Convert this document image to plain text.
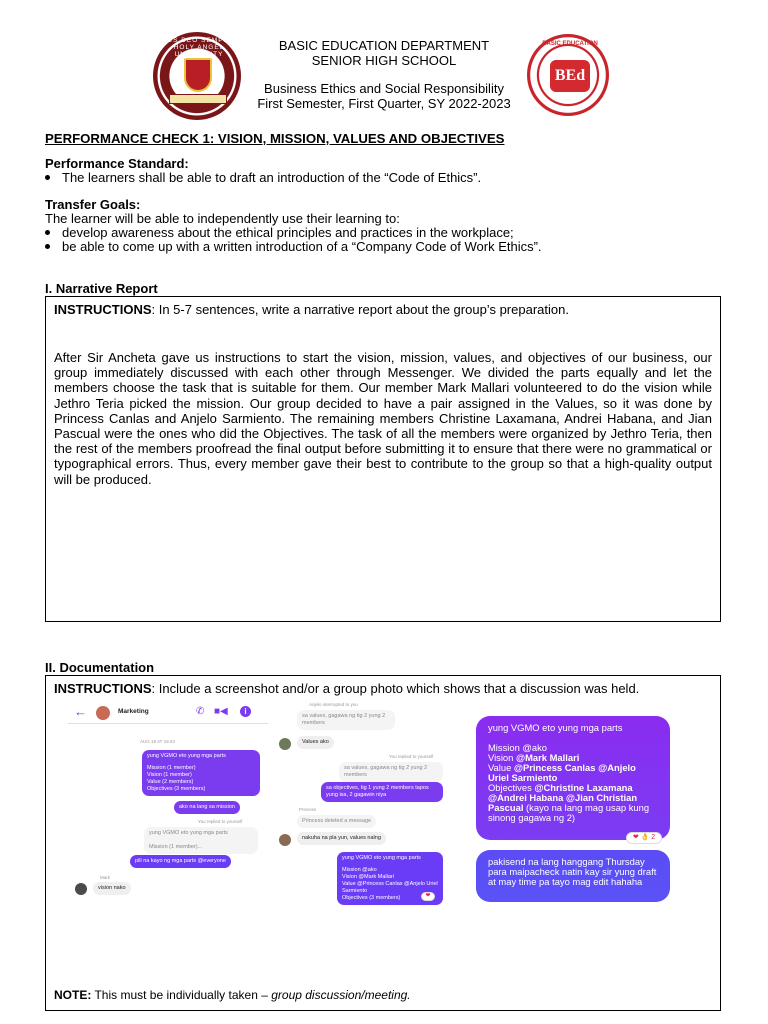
LAUS DEO SEMPER · HOLY ANGEL UNIVERSITY
BASIC EDUCATION DEPARTMENT
SENIOR HIGH SCHOOL
Business Ethics and Social Responsibility
First Semester, First Quarter, SY 2022-2023
BASIC EDUCATION
BEd
PERFORMANCE CHECK 1: VISION, MISSION, VALUES AND OBJECTIVES
Performance Standard:
The learners shall be able to draft an introduction of the “Code of Ethics”.
Transfer Goals:
The learner will be able to independently use their learning to:
develop awareness about the ethical principles and practices in the workplace;
be able to come up with a written introduction of a “Company Code of Work Ethics”.
I. Narrative Report
INSTRUCTIONS: In 5-7 sentences, write a narrative report about the group’s preparation.
After Sir Ancheta gave us instructions to start the vision, mission, values, and objectives of our business, our group immediately discussed with each other through Messenger. We divided the parts equally and let the members choose the task that is suitable for them. Our member Mark Mallari volunteered to do the vision while Jethro Teria picked the mission. Our group decided to have a pair assigned in the Values, so it was done by Princess Canlas and Anjelo Sarmiento. The remaining members Christine Laxamana, Andrei Habana, and Jian Pascual were the ones who did the Objectives. The task of all the members were organized by Jethro Teria, then the rest of the members proofread the final output before submitting it to ensure that there were no grammatical or typographical errors. Thus, every member gave their best to contribute to the group so that a high-quality output will be produced.
II. Documentation
INSTRUCTIONS: Include a screenshot and/or a group photo which shows that a discussion was held.
←	Marketing	✆ ■◀	i
AUG 18 AT 19:43
yung VGMO eto yung mga parts
Mission (1 member)
Vision (1 member)
Value (2 members)
Objectives (3 members)
ako na lang sa mission
You replied to yourself
yung VGMO eto yung mga parts

Mission (1 member)...
pili na kayo ng mga parts @everyone
Mark
vision nako
Anjelo interrupted to you
sa values, gagawa ng tig 2 yung 2 members
Values ako
You replied to yourself
sa values, gagawa ng tig 2 yung 2 members
sa objectives, tig 1 yung 2 members tapos yung isa, 2 gagawin niya
Princess
Princess deleted a message
nakuha na pla yun, values nalng
yung VGMO eto yung mga parts
Mission @ako
Vision @Mark Mallari
Value @Princess Canlas @Anjelo Uriel Sarmiento
Objectives (3 members)	❤
yung VGMO eto yung mga parts
Mission @ako
Vision @Mark Mallari
Value @Princess Canlas @Anjelo Uriel Sarmiento
Objectives @Christine Laxamana @Andrei Habana @Jian Christian Pascual (kayo na lang mag usap kung sinong gagawa ng 2)
❤ 👌 2
pakisend na lang hanggang Thursday para maipacheck natin kay sir yung draft at may time pa tayo mag edit hahaha
NOTE: This must be individually taken – group discussion/meeting.
